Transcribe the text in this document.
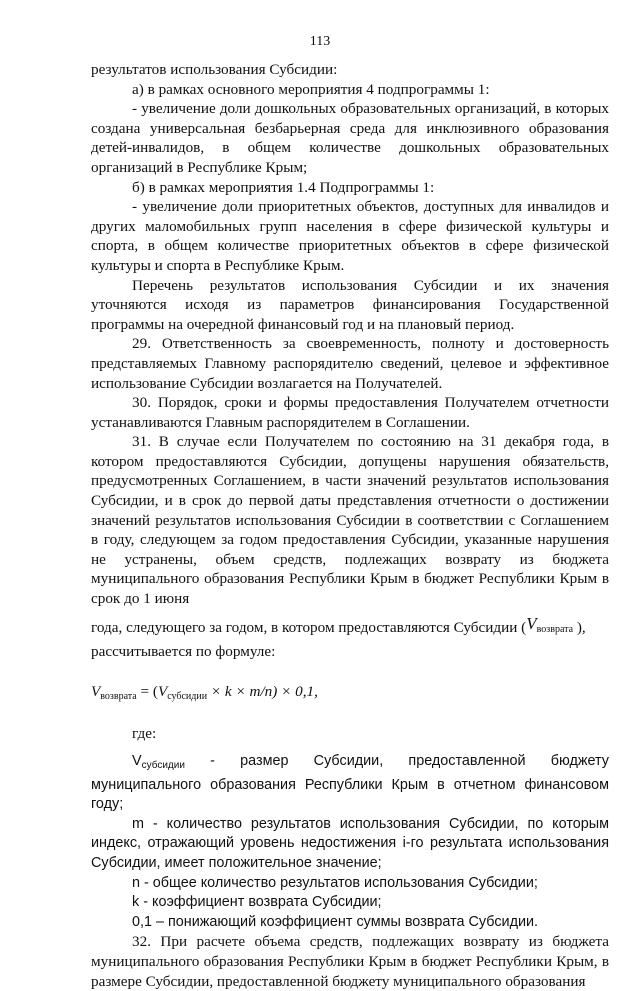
113

результатов использования Субсидии:

а) в рамках основного мероприятия 4 подпрограммы 1:

- увеличение доли дошкольных образовательных организаций, в которых создана универсальная безбарьерная среда для инклюзивного образования детей-инвалидов, в общем количестве дошкольных образовательных организаций в Республике Крым;

б) в рамках мероприятия 1.4 Подпрограммы 1:

- увеличение доли приоритетных объектов, доступных для инвалидов и других маломобильных групп населения в сфере физической культуры и спорта, в общем количестве приоритетных объектов в сфере физической культуры и спорта в Республике Крым.

Перечень результатов использования Субсидии и их значения уточняются исходя из параметров финансирования Государственной программы на очередной финансовый год и на плановый период.

29. Ответственность за своевременность, полноту и достоверность представляемых Главному распорядителю сведений, целевое и эффективное использование Субсидии возлагается на Получателей.

30. Порядок, сроки и формы предоставления Получателем отчетности устанавливаются Главным распорядителем в Соглашении.

31. В случае если Получателем по состоянию на 31 декабря года, в котором предоставляются Субсидии, допущены нарушения обязательств, предусмотренных Соглашением, в части значений результатов использования Субсидии, и в срок до первой даты представления отчетности о достижении значений результатов использования Субсидии в соответствии с Соглашением в году, следующем за годом предоставления Субсидии, указанные нарушения не устранены, объем средств, подлежащих возврату из бюджета муниципального образования Республики Крым в бюджет Республики Крым в срок до 1 июня

года, следующего за годом, в котором предоставляются Субсидии ($V_{возврата}$ ),

рассчитывается по формуле:

$V_{возврата} = (V_{субсидии} \times k \times m/n) \times 0,1$,

где:

$V_{субсидии}$ - размер Субсидии, предоставленной бюджету муниципального образования Республики Крым в отчетном финансовом году;

m - количество результатов использования Субсидии, по которым индекс, отражающий уровень недостижения i-го результата использования Субсидии, имеет положительное значение;

n - общее количество результатов использования Субсидии;

k - коэффициент возврата Субсидии;

0,1 – понижающий коэффициент суммы возврата Субсидии.

32. При расчете объема средств, подлежащих возврату из бюджета муниципального образования Республики Крым в бюджет Республики Крым, в размере Субсидии, предоставленной бюджету муниципального образования
